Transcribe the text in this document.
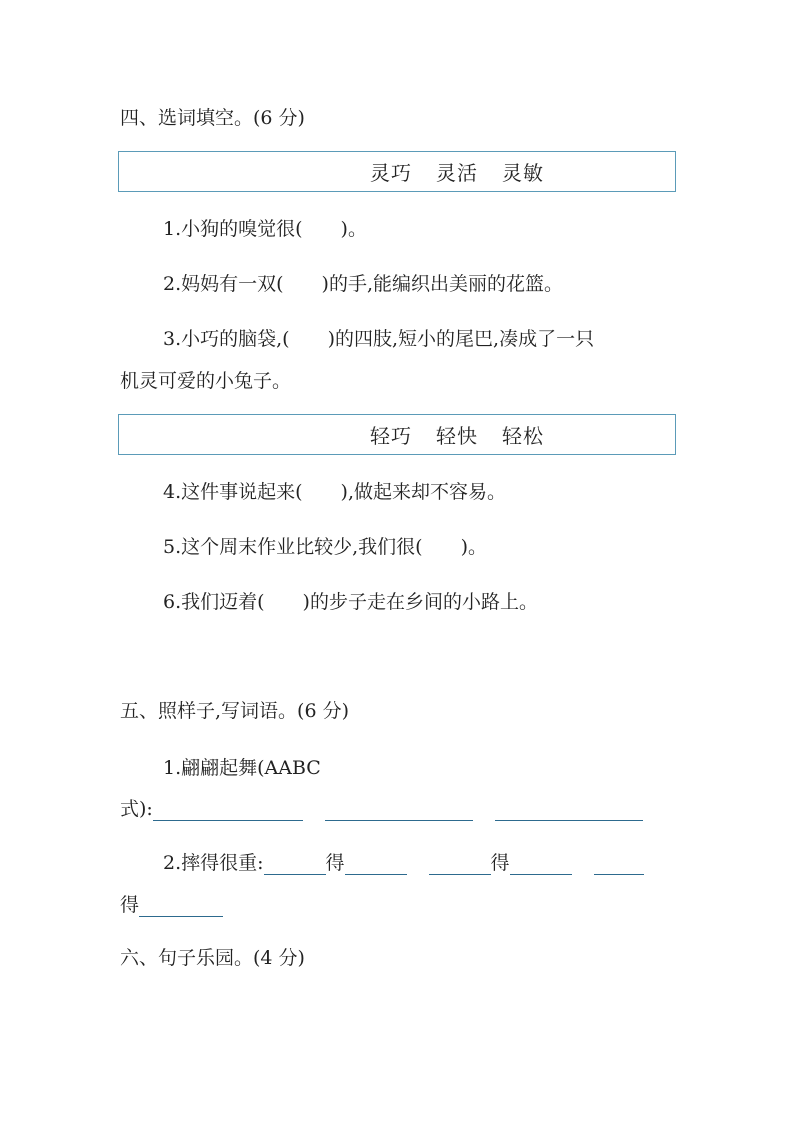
四、选词填空。(6 分)
灵巧 灵活 灵敏
1.小狗的嗅觉很(　　)。
2.妈妈有一双(　　)的手,能编织出美丽的花篮。
3.小巧的脑袋,(　　)的四肢,短小的尾巴,凑成了一只
机灵可爱的小兔子。
轻巧 轻快 轻松
4.这件事说起来(　　),做起来却不容易。
5.这个周末作业比较少,我们很(　　)。
6.我们迈着(　　)的步子走在乡间的小路上。
五、照样子,写词语。(6 分)
1.翩翩起舞(AABC
式):
2.摔得很重:	得	得
得
六、句子乐园。(4 分)
